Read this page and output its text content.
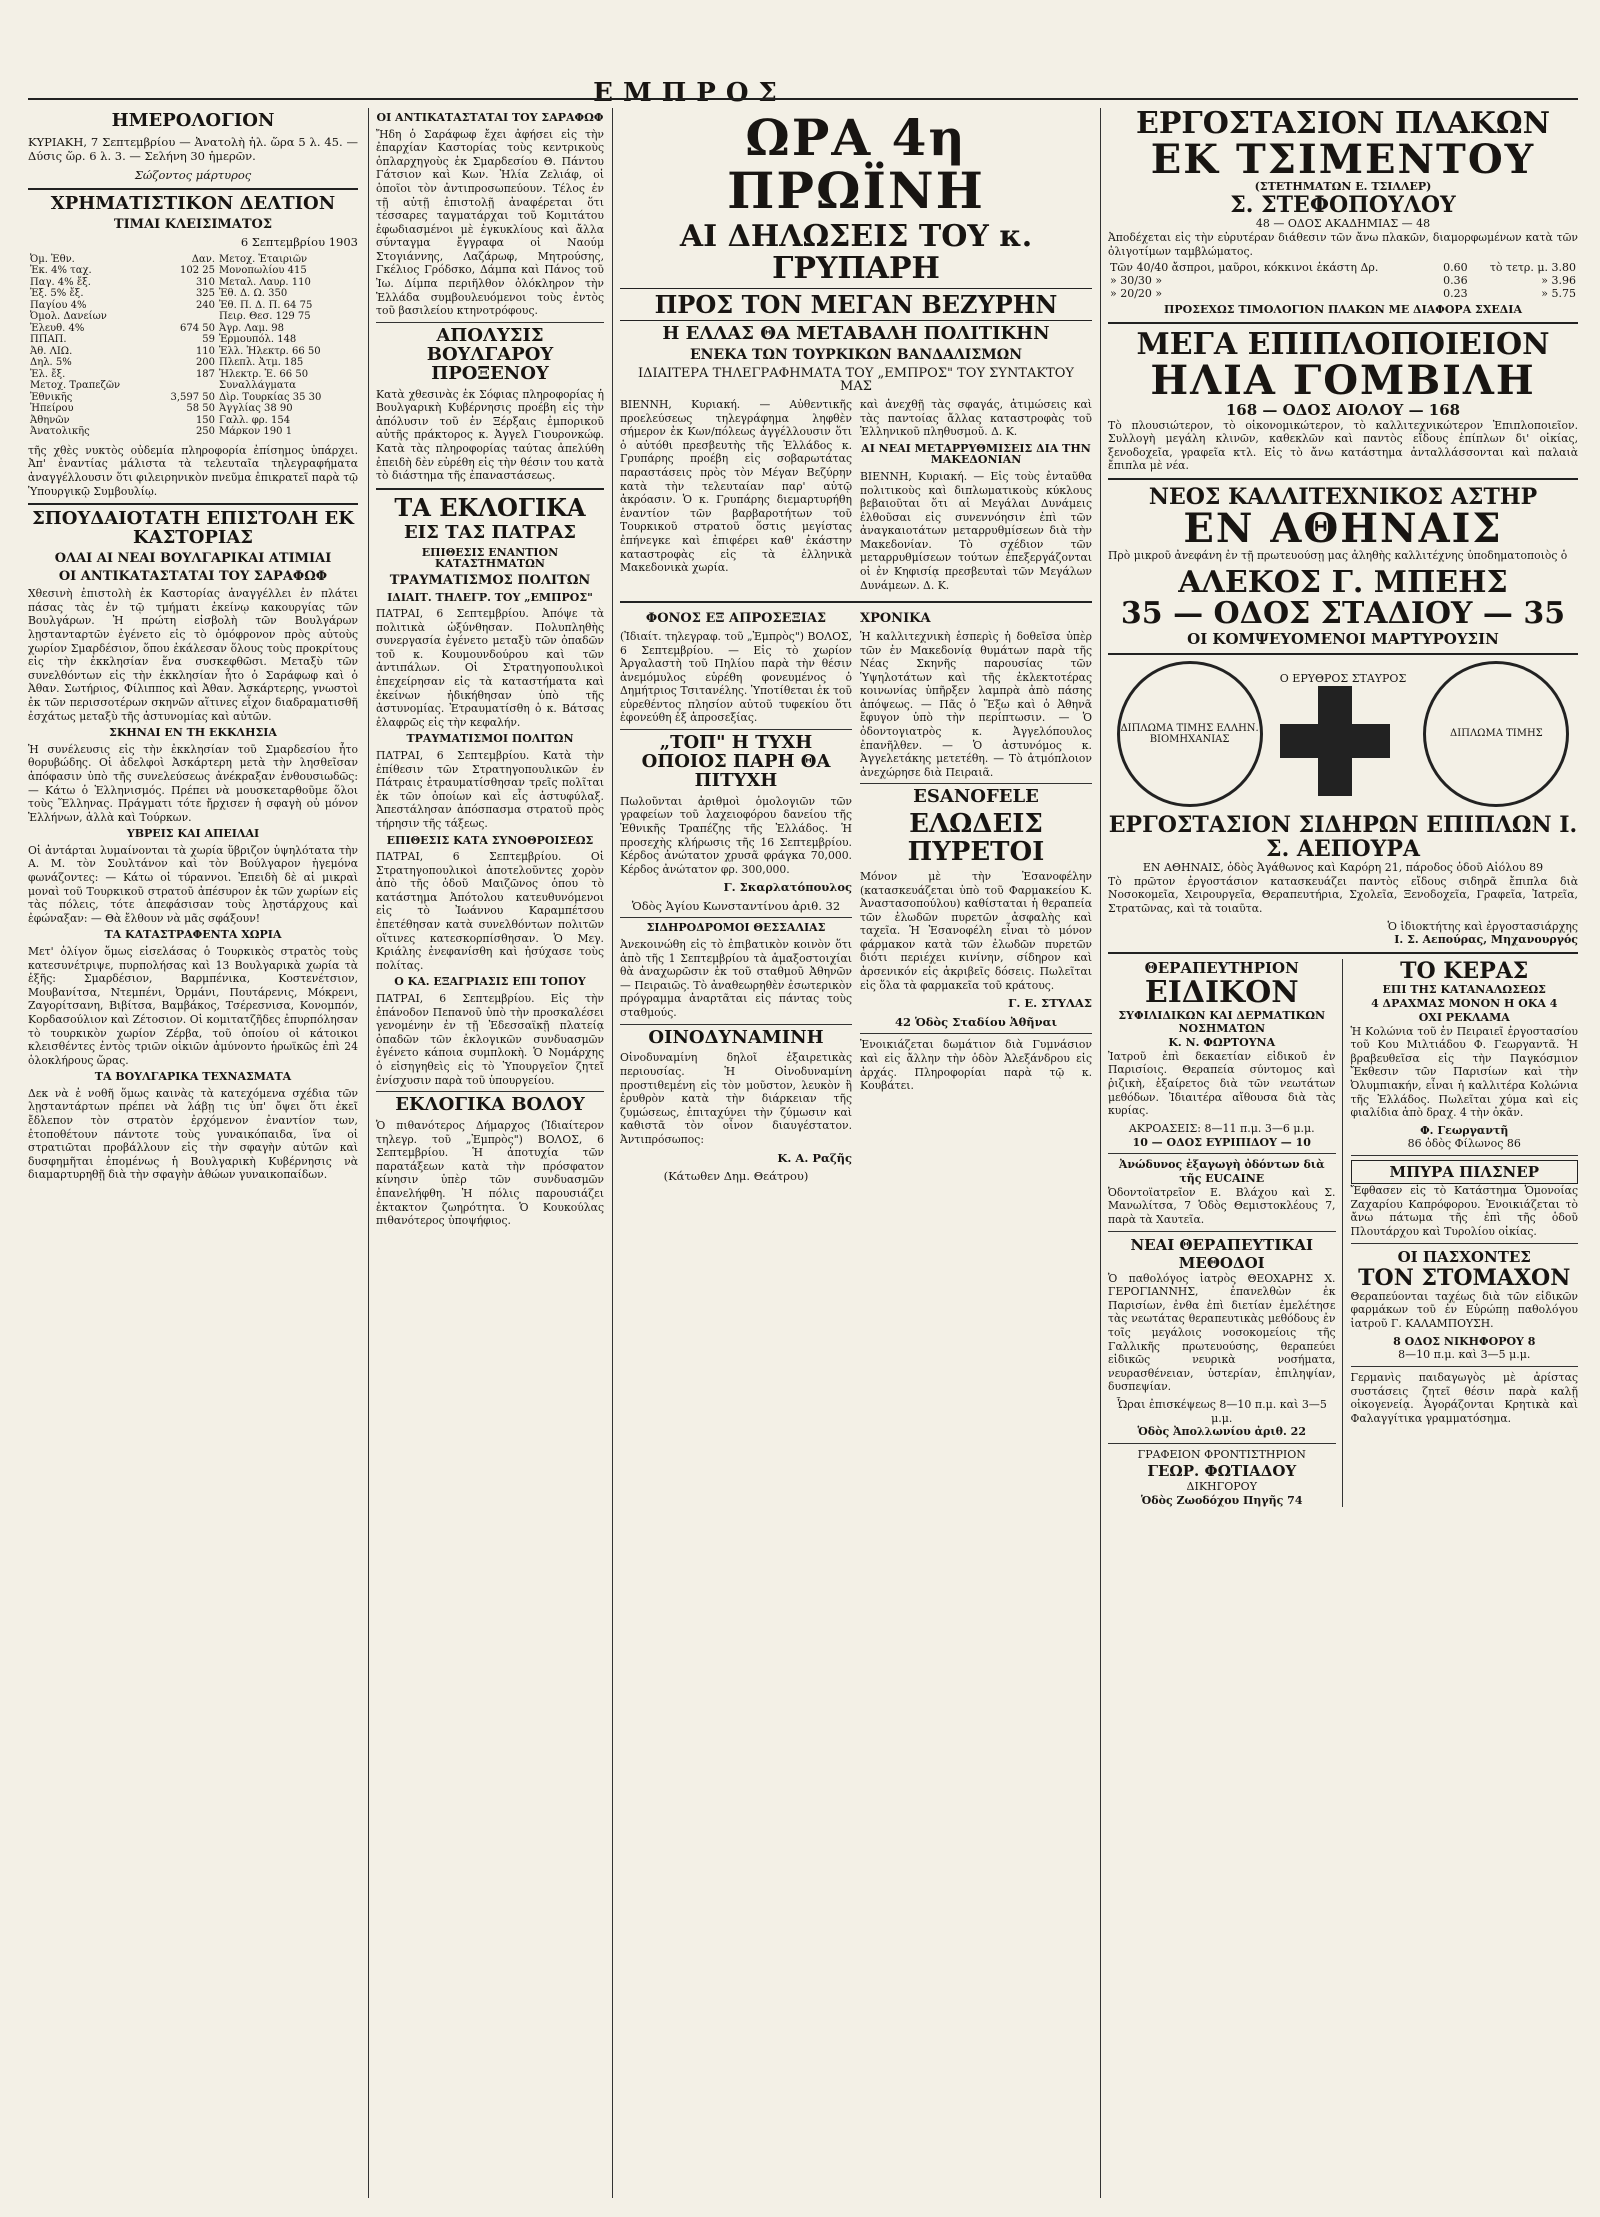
ΕΜΠΡΟΣ
ΗΜΕΡΟΛΟΓΙΟΝ

ΚΥΡΙΑΚΗ, 7 Σεπτεμβρίου — Ἀνατολὴ ἡλ. ὥρα 5 λ. 45. — Δύσις ὥρ. 6 λ. 3. — Σελήνη 30 ἡμερῶν.

Σώζοντος μάρτυρος

ΧΡΗΜΑΤΙΣΤΙΚΟΝ ΔΕΛΤΙΟΝ
ΤΙΜΑΙ ΚΛΕΙΣΙΜΑΤΟΣ

6 Σεπτεμβρίου 1903

Ὀμ. Ἐθν.	Δαν.	Μετοχ. Ἑταιριῶν
Ἐκ. 4% ταχ.	102 25	Μονοπωλίου 415
Παγ. 4% ἔξ.	310	Μεταλ. Λαυρ. 110
Ἐξ. 5% ἔξ.	325	Ἐθ. Δ. Ω. 350
Παγίου 4%	240	Ἐθ. Π. Δ. Π. 64 75
Ὀμολ. Δανείων		Πειρ. Θεσ. 129 75
Ἐλευθ. 4%	674 50	Ἀγρ. Λαμ. 98
ΠΠΑΠ.	59	Ἑρμουπόλ. 148
Ἀθ. ΛΙΩ.	110	Ἑλλ. Ἠλεκτρ. 66 50
Δηλ. 5%	200	Πλεπλ. Ἀτμ. 185
Ἐλ. ἔξ.	187	Ἠλεκτρ. Ἐ. 66 50
Μετοχ. Τραπεζῶν		Συναλλάγματα
Ἐθνικῆς	3,597 50	Δὶρ. Τουρκίας 35 30
Ἠπείρου	58 50	Ἀγγλίας 38 90
Ἀθηνῶν	150	Γαλλ. φρ. 154
Ἀνατολικῆς	250	Μάρκον 190 1

τῆς χθὲς νυκτὸς οὐδεμία πληροφορία ἐπίσημος ὑπάρχει. Ἀπ' ἐναντίας μάλιστα τὰ τελευταῖα τηλεγραφήματα ἀναγγέλλουσιν ὅτι φιλειρηνικὸν πνεῦμα ἐπικρατεῖ παρὰ τῷ Ὑπουργικῷ Συμβουλίῳ.

ΣΠΟΥΔΑΙΟΤΑΤΗ ΕΠΙΣΤΟΛΗ ΕΚ ΚΑΣΤΟΡΙΑΣ
ΟΛΑΙ ΑΙ ΝΕΑΙ ΒΟΥΛΓΑΡΙΚΑΙ ΑΤΙΜΙΑΙ
ΟΙ ΑΝΤΙΚΑΤΑΣΤΑΤΑΙ ΤΟΥ ΣΑΡΑΦΩΦ

Χθεσινὴ ἐπιστολὴ ἐκ Καστορίας ἀναγγέλλει ἐν πλάτει πάσας τὰς ἐν τῷ τμήματι ἐκείνῳ κακουργίας τῶν Βουλγάρων. Ἡ πρώτη εἰσβολὴ τῶν Βουλγάρων λῃστανταρτῶν ἐγένετο εἰς τὸ ὁμόφρονον πρὸς αὐτοὺς χωρίον Σμαρδέσιον, ὅπου ἐκάλεσαν ὅλους τοὺς προκρίτους εἰς τὴν ἐκκλησίαν ἕνα συσκεφθῶσι. Μεταξὺ τῶν συνελθόντων εἰς τὴν ἐκκλησίαν ἦτο ὁ Σαράφωφ καὶ ὁ Ἀθαν. Σωτήριος, Φίλιππος καὶ Ἀθαν. Ἀσκάρτερης, γνωστοὶ ἐκ τῶν περισσοτέρων σκηνῶν αἵτινες εἶχον διαδραματισθῆ ἐσχάτως μεταξὺ τῆς ἀστυνομίας καὶ αὐτῶν.

ΣΚΗΝΑΙ ΕΝ ΤΗ ΕΚΚΛΗΣΙΑ

Ἡ συνέλευσις εἰς τὴν ἐκκλησίαν τοῦ Σμαρδεσίου ἦτο θορυβώδης. Οἱ ἀδελφοὶ Ἀσκάρτερη μετὰ τὴν λησθεῖσαν ἀπόφασιν ὑπὸ τῆς συνελεύσεως ἀνέκραξαν ἐνθουσιωδῶς: — Κάτω ὁ Ἑλληνισμός. Πρέπει νὰ μουσκεταρθοῦμε ὅλοι τοὺς Ἕλληνας. Πράγματι τότε ἤρχισεν ἡ σφαγὴ οὐ μόνον Ἑλλήνων, ἀλλὰ καὶ Τούρκων.

ΥΒΡΕΙΣ ΚΑΙ ΑΠΕΙΛΑΙ

Οἱ ἀντάρται λυμαίνονται τὰ χωρία ὕβριζον ὑψηλότατα τὴν Α. Μ. τὸν Σουλτάνον καὶ τὸν Βούλγαρον ἡγεμόνα φωνάζοντες: — Κάτω οἱ τύραννοι. Ἐπειδὴ δὲ αἱ μικραὶ μοναὶ τοῦ Τουρκικοῦ στρατοῦ ἀπέσυρον ἐκ τῶν χωρίων εἰς τὰς πόλεις, τότε ἀπεφάσισαν τοὺς λῃστάρχους καὶ ἐφώναξαν: — Θὰ ἔλθουν νὰ μᾶς σφάξουν!

ΤΑ ΚΑΤΑΣΤΡΑΦΕΝΤΑ ΧΩΡΙΑ

Μετ' ὀλίγον ὅμως εἰσελάσας ὁ Τουρκικὸς στρατὸς τοὺς κατεσυνέτριψε, πυρπολήσας καὶ 13 Βουλγαρικὰ χωρία τὰ ἑξῆς: Σμαρδέσιον, Βαρμπένικα, Κοστενέτσιον, Μουβανίτσα, Ντεμπένι, Ὀρμάνι, Πουτάρενις, Μόκρενι, Ζαγορίτσανη, Βιβίτσα, Βαμβάκος, Τσέρεσνισα, Κονομπόν, Κορδασούλιον καὶ Ζέτοσιον. Οἱ κομιτατζῆδες ἐπυρπόλησαν τὸ τουρκικὸν χωρίον Ζέρβα, τοῦ ὁποίου οἱ κάτοικοι κλεισθέντες ἐντὸς τριῶν οἰκιῶν ἀμύνοντο ἡρωϊκῶς ἐπὶ 24 ὁλοκλήρους ὥρας.

ΤΑ ΒΟΥΛΓΑΡΙΚΑ ΤΕΧΝΑΣΜΑΤΑ

Δεκ νὰ ἐ νοθῆ ὅμως καινὰς τὰ κατεχόμενα σχέδια τῶν λῃσταντάρτων πρέπει νὰ λάβῃ τις ὑπ' ὄψει ὅτι ἐκεῖ ἔδλεπον τὸν στρατὸν ἐρχόμενον ἐναντίον των, ἐτοποθέτουν πάντοτε τοὺς γυναικόπαιδα, ἵνα οἱ στρατιῶται προβάλλουν εἰς τὴν σφαγὴν αὐτῶν καὶ δυσφημῆται ἐπομένως ἡ Βουλγαρικὴ Κυβέρνησις νὰ διαμαρτυρηθῇ διὰ τὴν σφαγὴν ἀθώων γυναικοπαίδων.

ΟΙ ΑΝΤΙΚΑΤΑΣΤΑΤΑΙ ΤΟΥ ΣΑΡΑΦΩΦ

Ἤδη ὁ Σαράφωφ ἔχει ἀφήσει εἰς τὴν ἐπαρχίαν Καστορίας τοὺς κεντρικοὺς ὁπλαρχηγοὺς ἐκ Σμαρδεσίου Θ. Πάντου Γάτσιον καὶ Κων. Ἠλία Ζελιάφ, οἱ ὁποῖοι τὸν ἀντιπροσωπεύουν. Τέλος ἐν τῇ αὐτῇ ἐπιστολῇ ἀναφέρεται ὅτι τέσσαρες ταγματάρχαι τοῦ Κομιτάτου ἐφωδιασμένοι μὲ ἐγκυκλίους καὶ ἄλλα σύνταγμα ἔγγραφα οἱ Ναούμ Στογιάννης, Λαζάρωφ, Μητρούσης, Γκέλιος Γρόδσκο, Δάμπα καὶ Πάνος τοῦ Ἰω. Δίμπα περιῆλθον ὁλόκληρον τὴν Ἑλλάδα συμβουλευόμενοι τοὺς ἐντὸς τοῦ βασιλείου κτηνοτρόφους.

ΑΠΟΛΥΣΙΣ ΒΟΥΛΓΑΡΟΥ ΠΡΟΞΕΝΟΥ

Κατὰ χθεσινὰς ἐκ Σόφιας πληροφορίας ἡ Βουλγαρικὴ Κυβέρνησις προέβη εἰς τὴν ἀπόλυσιν τοῦ ἐν Ξέρξαις ἐμπορικοῦ αὐτῆς πράκτορος κ. Ἀγγελ Γιουρονκώφ. Κατὰ τὰς πληροφορίας ταύτας ἀπελύθη ἐπειδὴ δὲν εὑρέθη εἰς τὴν θέσιν του κατὰ τὸ διάστημα τῆς ἐπαναστάσεως.

ΤΑ ΕΚΛΟΓΙΚΑ
ΕΙΣ ΤΑΣ ΠΑΤΡΑΣ
ΕΠΙΘΕΣΙΣ ΕΝΑΝΤΙΟΝ ΚΑΤΑΣΤΗΜΑΤΩΝ
ΤΡΑΥΜΑΤΙΣΜΟΣ ΠΟΛΙΤΩΝ
ΙΔΙΑΙΤ. ΤΗΛΕΓΡ. ΤΟΥ „ΕΜΠΡΟΣ"

ΠΑΤΡΑΙ, 6 Σεπτεμβρίου. Ἀπόψε τὰ πολιτικὰ ὠξύνθησαν. Πολυπληθὴς συνεργασία ἐγένετο μεταξὺ τῶν ὀπαδῶν τοῦ κ. Κουμουνδούρου καὶ τῶν ἀντιπάλων. Οἱ Στρατηγοπουλικοὶ ἐπεχείρησαν εἰς τὰ καταστήματα καὶ ἐκείνων ἠδικήθησαν ὑπὸ τῆς ἀστυνομίας. Ἐτραυματίσθη ὁ κ. Βάτσας ἐλαφρῶς εἰς τὴν κεφαλήν.

ΤΡΑΥΜΑΤΙΣΜΟΙ ΠΟΛΙΤΩΝ

ΠΑΤΡΑΙ, 6 Σεπτεμβρίου. Κατὰ τὴν ἐπίθεσιν τῶν Στρατηγοπουλικῶν ἐν Πάτραις ἐτραυματίσθησαν τρεῖς πολῖται ἐκ τῶν ὁποίων καὶ εἷς ἀστυφύλαξ. Ἀπεστάλησαν ἀπόσπασμα στρατοῦ πρὸς τήρησιν τῆς τάξεως.

ΕΠΙΘΕΣΙΣ ΚΑΤΑ ΣΥΝΟΘΡΟΙΣΕΩΣ

ΠΑΤΡΑΙ, 6 Σεπτεμβρίου. Οἱ Στρατηγοπουλικοὶ ἀποτελοῦντες χορὸν ἀπὸ τῆς ὁδοῦ Μαιζῶνος ὁπου τὸ κατάστημα Ἀπότολου κατευθυνόμενοι εἰς τὸ Ἰωάννου Καραμπέτσου ἐπετέθησαν κατὰ συνελθόντων πολιτῶν οἵτινες κατεσκορπίσθησαν. Ὁ Μεγ. Κριάλης ἐνεφανίσθη καὶ ἠσύχασε τοὺς πολίτας.

Ο ΚΑ. ΕΞΑΓΡΙΑΣΙΣ ΕΠΙ ΤΟΠΟΥ

ΠΑΤΡΑΙ, 6 Σεπτεμβρίου. Εἰς τὴν ἐπάνοδον Πεπανοῦ ὑπὸ τὴν προσκαλέσει γενομένην ἐν τῇ Ἐδεσσαϊκῇ πλατείᾳ ὀπαδῶν τῶν ἐκλογικῶν συνδυασμῶν ἐγένετο κάποια συμπλοκὴ. Ὁ Νομάρχης ὁ εἰσηγηθεὶς εἰς τὸ Ὑπουργεῖον ζητεῖ ἐνίσχυσιν παρὰ τοῦ ὑπουργείου.

ΕΚΛΟΓΙΚΑ ΒΟΛΟΥ

Ὁ πιθανότερος Δήμαρχος (Ἰδιαίτερον τηλεγρ. τοῦ „Ἐμπρὸς") ΒΟΛΟΣ, 6 Σεπτεμβρίου. Ἡ ἀποτυχία τῶν παρατάξεων κατὰ τὴν πρόσφατον κίνησιν ὑπὲρ τῶν συνδυασμῶν ἐπανελήφθη. Ἡ πόλις παρουσιάζει ἐκτακτον ζωηρότητα. Ὁ Κουκούλας πιθανότερος ὑποψήφιος.

ΩΡΑ 4η ΠΡΩΪΝΗ
ΑΙ ΔΗΛΩΣΕΙΣ ΤΟΥ κ. ΓΡΥΠΑΡΗ
ΠΡΟΣ ΤΟΝ ΜΕΓΑΝ ΒΕΖΥΡΗΝ
Η ΕΛΛΑΣ ΘΑ ΜΕΤΑΒΑΛΗ ΠΟΛΙΤΙΚΗΝ
ΕΝΕΚΑ ΤΩΝ ΤΟΥΡΚΙΚΩΝ ΒΑΝΔΑΛΙΣΜΩΝ
ΙΔΙΑΙΤΕΡΑ ΤΗΛΕΓΡΑΦΗΜΑΤΑ ΤΟΥ „ΕΜΠΡΟΣ" ΤΟΥ ΣΥΝΤΑΚΤΟΥ ΜΑΣ

ΒΙΕΝΝΗ, Κυριακή. — Αὐθεντικῆς προελεύσεως τηλεγράφημα ληφθὲν σήμερον ἐκ Κων/πόλεως ἀγγέλλουσιν ὅτι ὁ αὐτόθι πρεσβευτὴς τῆς Ἑλλάδος κ. Γρυπάρης προέβη εἰς σοβαρωτάτας παραστάσεις πρὸς τὸν Μέγαν Βεζύρην κατὰ τὴν τελευταίαν παρ' αὐτῷ ἀκρόασιν. Ὁ κ. Γρυπάρης διεμαρτυρήθη ἐναντίον τῶν βαρβαροτήτων τοῦ Τουρκικοῦ στρατοῦ ὅστις μεγίστας ἐπήνεγκε καὶ ἐπιφέρει καθ' ἑκάστην καταστροφὰς εἰς τὰ ἑλληνικὰ Μακεδονικὰ χωρία.

καὶ ἀνεχθῇ τὰς σφαγάς, ἀτιμώσεις καὶ τὰς παντοίας ἄλλας καταστροφὰς τοῦ Ἑλληνικοῦ πληθυσμοῦ. Δ. Κ.

ΑΙ ΝΕΑΙ ΜΕΤΑΡΡΥΘΜΙΣΕΙΣ ΔΙΑ ΤΗΝ ΜΑΚΕΔΟΝΙΑΝ

ΒΙΕΝΝΗ, Κυριακή. — Εἰς τοὺς ἐνταῦθα πολιτικοὺς καὶ διπλωματικοὺς κύκλους βεβαιοῦται ὅτι αἱ Μεγάλαι Δυνάμεις ἐλθοῦσαι εἰς συνεννόησιν ἐπὶ τῶν ἀναγκαιοτάτων μεταρρυθμίσεων διὰ τὴν Μακεδονίαν. Τὸ σχέδιον τῶν μεταρρυθμίσεων τούτων ἐπεξεργάζονται οἱ ἐν Κηφισίᾳ πρεσβευταὶ τῶν Μεγάλων Δυνάμεων. Δ. Κ.

ΦΟΝΟΣ ΕΞ ΑΠΡΟΣΕΞΙΑΣ

(Ἰδιαίτ. τηλεγραφ. τοῦ „Ἐμπρὸς") ΒΟΛΟΣ, 6 Σεπτεμβρίου. — Εἰς τὸ χωρίον Ἀργαλαστὴ τοῦ Πηλίου παρὰ τὴν θέσιν ἀνεμόμυλος εὑρέθη φονευμένος ὁ Δημήτριος Τσιτανέλης. Ὑποτίθεται ἐκ τοῦ εὑρεθέντος πλησίον αὐτοῦ τυφεκίου ὅτι ἐφονεύθη ἐξ ἀπροσεξίας.

„ΤΟΠ" Η ΤΥΧΗ ΟΠΟΙΟΣ ΠΑΡΗ ΘΑ ΠΙΤΥΧΗ

Πωλοῦνται ἀριθμοὶ ὁμολογιῶν τῶν γραφείων τοῦ λαχειοφόρου δανείου τῆς Ἐθνικῆς Τραπέζης τῆς Ἑλλάδος. Ἡ προσεχὴς κλήρωσις τῆς 16 Σεπτεμβρίου. Κέρδος ἀνώτατον χρυσᾶ φράγκα 70,000. Κέρδος ἀνώτατον φρ. 300,000.

Γ. Σκαρλατόπουλος

Ὁδὸς Ἁγίου Κωνσταντίνου ἀριθ. 32

ΣΙΔΗΡΟΔΡΟΜΟΙ ΘΕΣΣΑΛΙΑΣ

Ἀνεκοινώθη εἰς τὸ ἐπιβατικὸν κοινὸν ὅτι ἀπὸ τῆς 1 Σεπτεμβρίου τὰ ἁμαξοστοιχίαι θὰ ἀναχωρῶσιν ἐκ τοῦ σταθμοῦ Ἀθηνῶν — Πειραιῶς. Τὸ ἀναθεωρηθὲν ἐσωτερικὸν πρόγραμμα ἀναρτᾶται εἰς πάντας τοὺς σταθμούς.

ΟΙΝΟΔΥΝΑΜΙΝΗ

Οἰνοδυναμίνη δηλοῖ ἐξαιρετικὰς περιουσίας. Ἡ Οἰνοδυναμίνη προστιθεμένη εἰς τὸν μοῦστον, λευκὸν ἢ ἐρυθρὸν κατὰ τὴν διάρκειαν τῆς ζυμώσεως, ἐπιταχύνει τὴν ζύμωσιν καὶ καθιστᾶ τὸν οἶνον διαυγέστατον. Ἀντιπρόσωπος:

Κ. Α. Ραζῆς

(Κάτωθεν Δημ. Θεάτρου)

ΧΡΟΝΙΚΑ

Ἡ καλλιτεχνικὴ ἑσπερὶς ἡ δοθεῖσα ὑπὲρ τῶν ἐν Μακεδονίᾳ θυμάτων παρὰ τῆς Νέας Σκηνῆς παρουσίας τῶν Ὑψηλοτάτων καὶ τῆς ἐκλεκτοτέρας κοινωνίας ὑπῆρξεν λαμπρὰ ἀπὸ πάσης ἀπόψεως. — Πᾶς ὁ Ἕξω καὶ ὁ Ἀθηνᾶ ἔφυγον ὑπὸ τὴν περίπτωσιν. — Ὁ ὀδοντογιατρὸς κ. Ἀγγελόπουλος ἐπανῆλθεν. — Ὁ ἀστυνόμος κ. Ἀγγελετάκης μετετέθη. — Τὸ ἀτμόπλοιον ἀνεχώρησε διὰ Πειραιᾶ.

ESANOFELE
ΕΛΩΔΕΙΣ ΠΥΡΕΤΟΙ

Μόνον μὲ τὴν Ἐσανοφέλην (κατασκευάζεται ὑπὸ τοῦ Φαρμακείου Κ. Ἀναστασοπούλου) καθίσταται ἡ θεραπεία τῶν ἐλωδῶν πυρετῶν ἀσφαλὴς καὶ ταχεῖα. Ἡ Ἐσανοφέλη εἶναι τὸ μόνον φάρμακον κατὰ τῶν ἐλωδῶν πυρετῶν διότι περιέχει κινίνην, σίδηρον καὶ ἀρσενικόν εἰς ἀκριβεῖς δόσεις. Πωλεῖται εἰς ὅλα τὰ φαρμακεῖα τοῦ κράτους.

Γ. Ε. ΣΤΥΛΑΣ

42 Ὁδὸς Σταδίου Ἀθῆναι

Ἐνοικιάζεται δωμάτιον διὰ Γυμνάσιον καὶ εἰς ἄλλην τὴν ὁδὸν Ἀλεξάνδρου εἰς ἀρχάς. Πληροφορίαι παρὰ τῷ κ. Κουβάτει.

ΕΡΓΟΣΤΑΣΙΟΝ ΠΛΑΚΩΝ
ΕΚ ΤΣΙΜΕΝΤΟΥ
(ΣΤΕΤΗΜΑΤΩΝ Ε. ΤΣΙΛΛΕΡ)
Σ. ΣΤΕΦΟΠΟΥΛΟΥ
48 — ΟΔΟΣ ΑΚΑΔΗΜΙΑΣ — 48

Ἀποδέχεται εἰς τὴν εὐρυτέραν διάθεσιν τῶν ἄνω πλακῶν, διαμορφωμένων κατὰ τῶν ὀλιγοτίμων ταμβλώματος.

Τῶν 40/40 ἄσπροι, μαῦροι, κόκκινοι ἑκάστη Δρ.	0.60	τὸ τετρ. μ. 3.80
» 30/30 »	0.36	» 3.96
» 20/20 »	0.23	» 5.75
ΠΡΟΣΕΧΩΣ ΤΙΜΟΛΟΓΙΟΝ ΠΛΑΚΩΝ ΜΕ ΔΙΑΦΟΡΑ ΣΧΕΔΙΑ
ΜΕΓΑ ΕΠΙΠΛΟΠΟΙΕΙΟΝ
ΗΛΙΑ ΓΟΜΒΙΛΗ
168 — ΟΔΟΣ ΑΙΟΛΟΥ — 168

Τὸ πλουσιώτερον, τὸ οἰκονομικώτερον, τὸ καλλιτεχνικώτερον Ἐπιπλοποιεῖον. Συλλογὴ μεγάλη κλινῶν, καθεκλῶν καὶ παντὸς εἴδους ἐπίπλων δι' οἰκίας, ξενοδοχεῖα, γραφεῖα κτλ. Εἰς τὸ ἄνω κατάστημα ἀνταλλάσσονται καὶ παλαιὰ ἔπιπλα μὲ νέα.

ΝΕΟΣ ΚΑΛΛΙΤΕΧΝΙΚΟΣ ΑΣΤΗΡ
ΕΝ ΑΘΗΝΑΙΣ

Πρὸ μικροῦ ἀνεφάνη ἐν τῇ πρωτευούσῃ μας ἀληθὴς καλλιτέχνης ὑποδηματοποιὸς ὁ

ΑΛΕΚΟΣ Γ. ΜΠΕΗΣ
35 — ΟΔΟΣ ΣΤΑΔΙΟΥ — 35
ΟΙ ΚΟΜΨΕΥΟΜΕΝΟΙ ΜΑΡΤΥΡΟΥΣΙΝ
ΔΙΠΛΩΜΑ ΤΙΜΗΣ ΕΛΛΗΝ. ΒΙΟΜΗΧΑΝΙΑΣ
Ο ΕΡΥΘΡΟΣ ΣΤΑΥΡΟΣ
ΔΙΠΛΩΜΑ ΤΙΜΗΣ
ΕΡΓΟΣΤΑΣΙΟΝ ΣΙΔΗΡΩΝ ΕΠΙΠΛΩΝ Ι. Σ. ΑΕΠΟΥΡΑ
ΕΝ ΑΘΗΝΑΙΣ, ὁδὸς Ἀγάθωνος καὶ Καρόρη 21, πάροδος ὁδοῦ Αἰόλου 89

Τὸ πρῶτον ἐργοστάσιον κατασκευάζει παντὸς εἴδους σιδηρᾶ ἔπιπλα διὰ Νοσοκομεῖα, Χειρουργεῖα, Θεραπευτήρια, Σχολεῖα, Ξενοδοχεῖα, Γραφεῖα, Ἰατρεῖα, Στρατῶνας, καὶ τὰ τοιαῦτα.

Ὁ ἰδιοκτήτης καὶ ἐργοστασιάρχης
Ι. Σ. Αεπούρας, Μηχανουργός
ΘΕΡΑΠΕΥΤΗΡΙΟΝ
ΕΙΔΙΚΟΝ
ΣΥΦΙΛΙΔΙΚΩΝ ΚΑΙ ΔΕΡΜΑΤΙΚΩΝ ΝΟΣΗΜΑΤΩΝ
Κ. Ν. ΦΩΡΤΟΥΝΑ

Ἰατροῦ ἐπὶ δεκαετίαν εἰδικοῦ ἐν Παρισίοις. Θεραπεία σύντομος καὶ ῥιζικὴ, ἐξαίρετος διὰ τῶν νεωτάτων μεθόδων. Ἰδιαιτέρα αἴθουσα διὰ τὰς κυρίας.

ΑΚΡΟΑΣΕΙΣ: 8—11 π.μ. 3—6 μ.μ.
10 — ΟΔΟΣ ΕΥΡΙΠΙΔΟΥ — 10
Ἀνώδυνος ἐξαγωγὴ ὀδόντων διὰ τῆς EUCAINE

Ὀδοντοϊατρεῖον Ε. Βλάχου καὶ Σ. Μανωλίτσα, 7 Ὁδὸς Θεμιστοκλέους 7, παρὰ τὰ Χαυτεῖα.

ΝΕΑΙ ΘΕΡΑΠΕΥΤΙΚΑΙ ΜΕΘΟΔΟΙ

Ὁ παθολόγος ἰατρὸς ΘΕΟΧΑΡΗΣ Χ. ΓΕΡΟΓΙΑΝΝΗΣ, ἐπανελθὼν ἐκ Παρισίων, ἐνθα ἐπὶ διετίαν ἐμελέτησε τὰς νεωτάτας θεραπευτικὰς μεθόδους ἐν τοῖς μεγάλοις νοσοκομείοις τῆς Γαλλικῆς πρωτευούσης, θεραπεύει εἰδικῶς νευρικὰ νοσήματα, νευρασθένειαν, ὑστερίαν, ἐπιληψίαν, δυσπεψίαν.

Ὧραι ἐπισκέψεως 8—10 π.μ. καὶ 3—5 μ.μ.
Ὁδὸς Ἀπολλωνίου ἀριθ. 22
ΓΡΑΦΕΙΟΝ ΦΡΟΝΤΙΣΤΗΡΙΟΝ
ΓΕΩΡ. ΦΩΤΙΑΔΟΥ
ΔΙΚΗΓΟΡΟΥ
Ὁδὸς Ζωοδόχου Πηγῆς 74
ΤΟ ΚΕΡΑΣ
ΕΠΙ ΤΗΣ ΚΑΤΑΝΑΛΩΣΕΩΣ
4 ΔΡΑΧΜΑΣ ΜΟΝΟΝ Η ΟΚΑ 4
ΟΧΙ ΡΕΚΛΑΜΑ

Ἡ Κολώνια τοῦ ἐν Πειραιεῖ ἐργοστασίου τοῦ Κου Μιλτιάδου Φ. Γεωργαντᾶ. Ἡ βραβευθεῖσα εἰς τὴν Παγκόσμιον Ἔκθεσιν τῶν Παρισίων καὶ τὴν Ὀλυμπιακήν, εἶναι ἡ καλλιτέρα Κολώνια τῆς Ἑλλάδος. Πωλεῖται χύμα καὶ εἰς φιαλίδια ἀπὸ δραχ. 4 τὴν ὀκᾶν.

Φ. Γεωργαντῆ
86 ὁδὸς Φίλωνος 86
ΜΠΥΡΑ ΠΙΛΣΝΕΡ

Ἔφθασεν εἰς τὸ Κατάστημα Ὁμονοίας Ζαχαρίου Καπρόφορου. Ἐνοικιάζεται τὸ ἄνω πάτωμα τῆς ἐπὶ τῆς ὁδοῦ Πλουτάρχου καὶ Τυρολίου οἰκίας.

ΟΙ ΠΑΣΧΟΝΤΕΣ
ΤΟΝ ΣΤΟΜΑΧΟΝ

Θεραπεύονται ταχέως διὰ τῶν εἰδικῶν φαρμάκων τοῦ ἐν Εὐρώπῃ παθολόγου ἰατροῦ Γ. ΚΑΛΑΜΠΟΥΣΗ.

8 ΟΔΟΣ ΝΙΚΗΦΟΡΟΥ 8
8—10 π.μ. καὶ 3—5 μ.μ.

Γερμανὶς παιδαγωγὸς μὲ ἀρίστας συστάσεις ζητεῖ θέσιν παρὰ καλῇ οἰκογενείᾳ. Ἀγοράζονται Κρητικὰ καὶ Φαλαγγίτικα γραμματόσημα.
